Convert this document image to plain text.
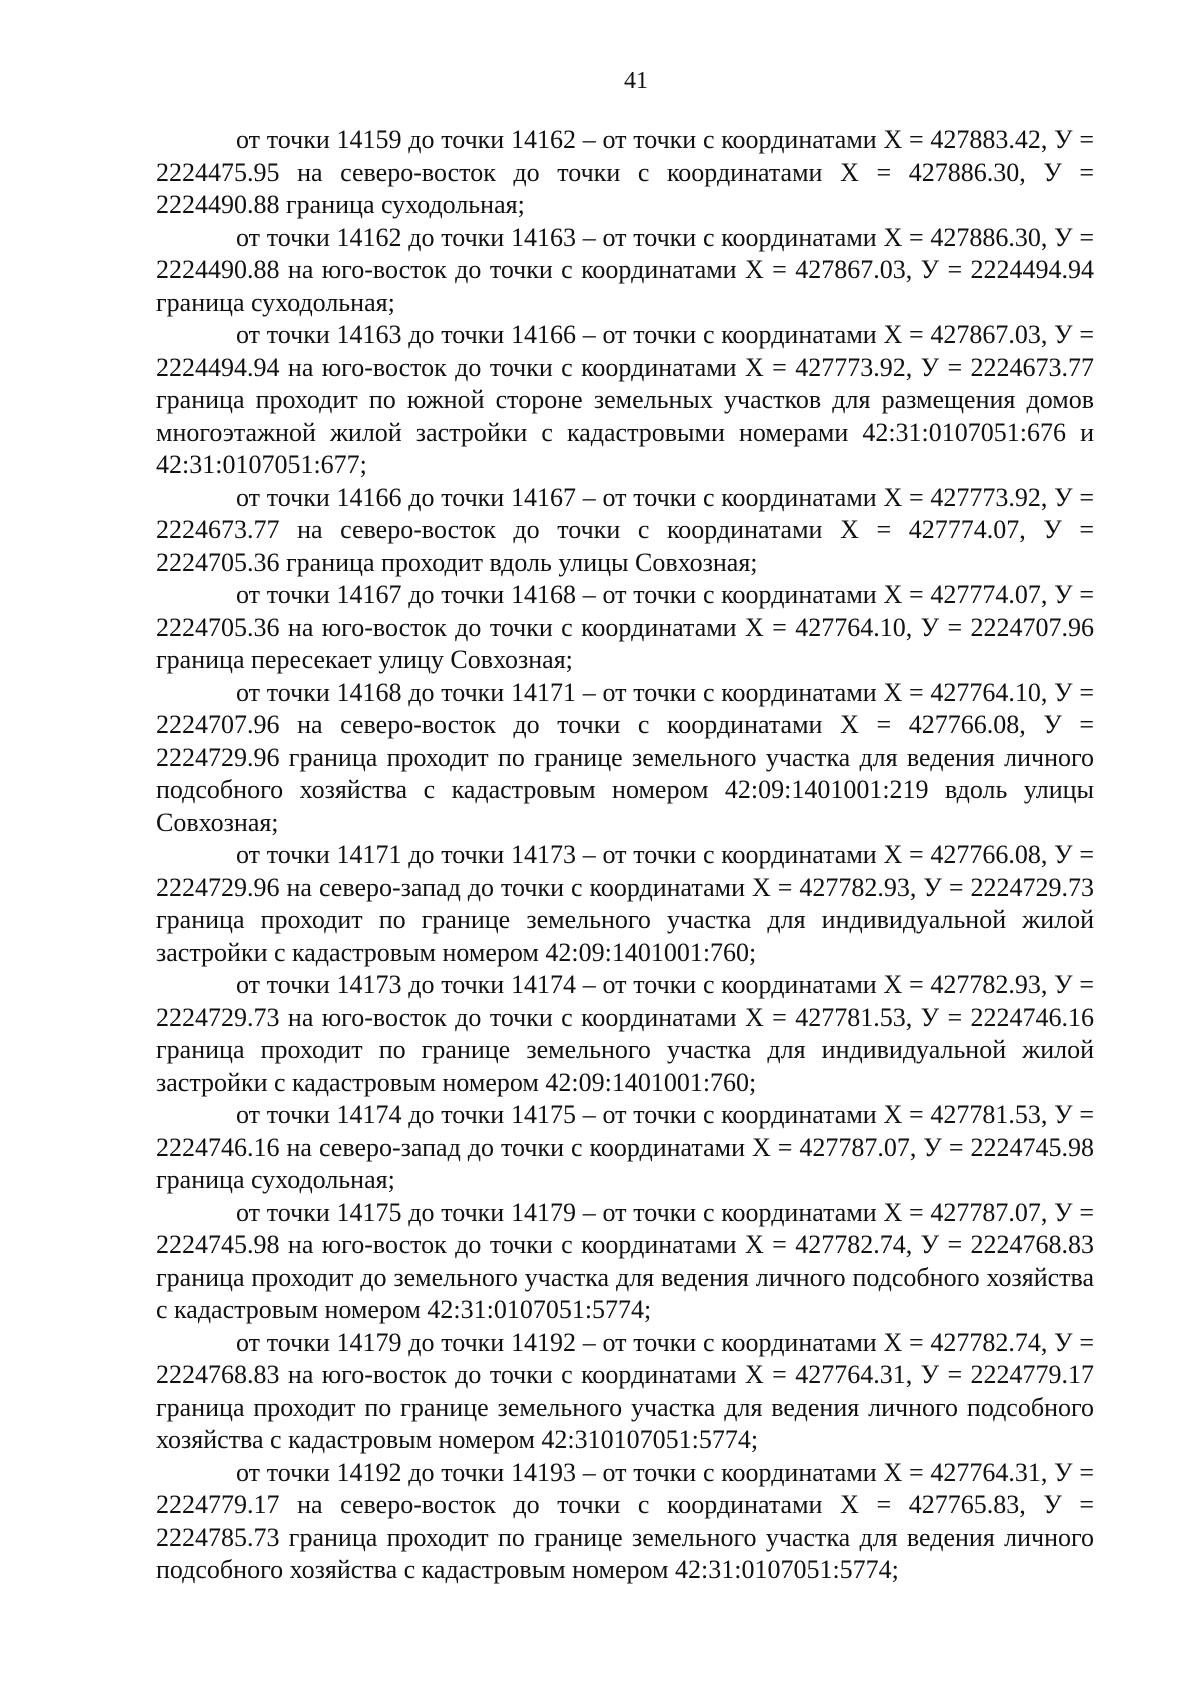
41

от точки 14159 до точки 14162 – от точки с координатами Х = 427883.42, У = 2224475.95 на северо-восток до точки с координатами Х = 427886.30, У = 2224490.88 граница суходольная;

от точки 14162 до точки 14163 – от точки с координатами Х = 427886.30, У = 2224490.88 на юго-восток до точки с координатами Х = 427867.03, У = 2224494.94 граница суходольная;

от точки 14163 до точки 14166 – от точки с координатами Х = 427867.03, У = 2224494.94 на юго-восток до точки с координатами Х = 427773.92, У = 2224673.77 граница проходит по южной стороне земельных участков для размещения домов многоэтажной жилой застройки с кадастровыми номерами 42:31:0107051:676 и 42:31:0107051:677;

от точки 14166 до точки 14167 – от точки с координатами Х = 427773.92, У = 2224673.77 на северо-восток до точки с координатами Х = 427774.07, У = 2224705.36 граница проходит вдоль улицы Совхозная;

от точки 14167 до точки 14168 – от точки с координатами Х = 427774.07, У = 2224705.36 на юго-восток до точки с координатами Х = 427764.10, У = 2224707.96 граница пересекает улицу Совхозная;

от точки 14168 до точки 14171 – от точки с координатами Х = 427764.10, У = 2224707.96 на северо-восток до точки с координатами Х = 427766.08, У = 2224729.96 граница проходит по границе земельного участка для ведения личного подсобного хозяйства с кадастровым номером 42:09:1401001:219 вдоль улицы Совхозная;

от точки 14171 до точки 14173 – от точки с координатами Х = 427766.08, У = 2224729.96 на северо-запад до точки с координатами Х = 427782.93, У = 2224729.73 граница проходит по границе земельного участка для индивидуальной жилой застройки с кадастровым номером 42:09:1401001:760;

от точки 14173 до точки 14174 – от точки с координатами Х = 427782.93, У = 2224729.73 на юго-восток до точки с координатами Х = 427781.53, У = 2224746.16 граница проходит по границе земельного участка для индивидуальной жилой застройки с кадастровым номером 42:09:1401001:760;

от точки 14174 до точки 14175 – от точки с координатами Х = 427781.53, У = 2224746.16 на северо-запад до точки с координатами Х = 427787.07, У = 2224745.98 граница суходольная;

от точки 14175 до точки 14179 – от точки с координатами Х = 427787.07, У = 2224745.98 на юго-восток до точки с координатами Х = 427782.74, У = 2224768.83 граница проходит до земельного участка для ведения личного подсобного хозяйства с кадастровым номером 42:31:0107051:5774;

от точки 14179 до точки 14192 – от точки с координатами Х = 427782.74, У = 2224768.83 на юго-восток до точки с координатами Х = 427764.31, У = 2224779.17 граница проходит по границе земельного участка для ведения личного подсобного хозяйства с кадастровым номером 42:310107051:5774;

от точки 14192 до точки 14193 – от точки с координатами Х = 427764.31, У = 2224779.17 на северо-восток до точки с координатами Х = 427765.83, У = 2224785.73 граница проходит по границе земельного участка для ведения личного подсобного хозяйства с кадастровым номером 42:31:0107051:5774;
